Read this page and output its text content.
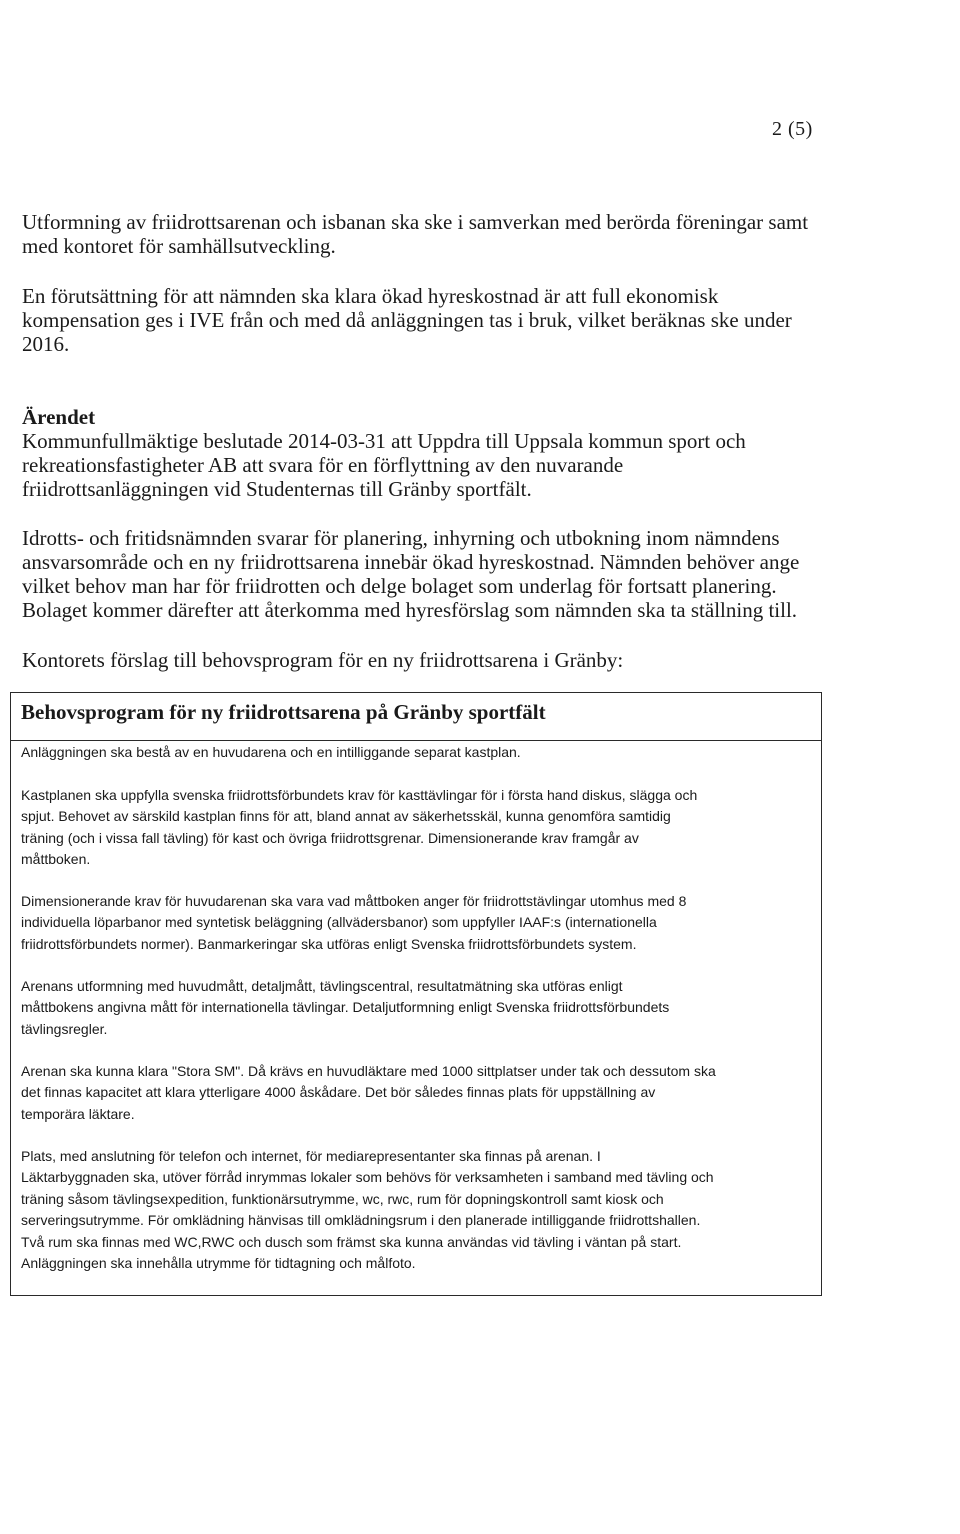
2 (5)

Utformning av friidrottsarenan och isbanan ska ske i samverkan med berörda föreningar samt
med kontoret för samhällsutveckling.

En förutsättning för att nämnden ska klara ökad hyreskostnad är att full ekonomisk
kompensation ges i IVE från och med då anläggningen tas i bruk, vilket beräknas ske under
2016.

Ärendet

Kommunfullmäktige beslutade 2014-03-31 att Uppdra till Uppsala kommun sport och
rekreationsfastigheter AB att svara för en förflyttning av den nuvarande
friidrottsanläggningen vid Studenternas till Gränby sportfält.

Idrotts- och fritidsnämnden svarar för planering, inhyrning och utbokning inom nämndens
ansvarsområde och en ny friidrottsarena innebär ökad hyreskostnad. Nämnden behöver ange
vilket behov man har för friidrotten och delge bolaget som underlag för fortsatt planering.
Bolaget kommer därefter att återkomma med hyresförslag som nämnden ska ta ställning till.

Kontorets förslag till behovsprogram för en ny friidrottsarena i Gränby:

Behovsprogram för ny friidrottsarena på Gränby sportfält

Anläggningen ska bestå av en huvudarena och en intilliggande separat kastplan.

Kastplanen ska uppfylla svenska friidrottsförbundets krav för kasttävlingar för i första hand diskus, slägga och
spjut. Behovet av särskild kastplan finns för att, bland annat av säkerhetsskäl, kunna genomföra samtidig
träning (och i vissa fall tävling) för kast och övriga friidrottsgrenar. Dimensionerande krav framgår av
måttboken.

Dimensionerande krav för huvudarenan ska vara vad måttboken anger för friidrottstävlingar utomhus med 8
individuella löparbanor med syntetisk beläggning (allvädersbanor) som uppfyller IAAF:s (internationella
friidrottsförbundets normer). Banmarkeringar ska utföras enligt Svenska friidrottsförbundets system.

Arenans utformning med huvudmått, detaljmått, tävlingscentral, resultatmätning ska utföras enligt
måttbokens angivna mått för internationella tävlingar. Detaljutformning enligt Svenska friidrottsförbundets
tävlingsregler.

Arenan ska kunna klara "Stora SM". Då krävs en huvudläktare med 1000 sittplatser under tak och dessutom ska
det finnas kapacitet att klara ytterligare 4000 åskådare. Det bör således finnas plats för uppställning av
temporära läktare.

Plats, med anslutning för telefon och internet, för mediarepresentanter ska finnas på arenan. I
Läktarbyggnaden ska, utöver förråd inrymmas lokaler som behövs för verksamheten i samband med tävling och
träning såsom tävlingsexpedition, funktionärsutrymme, wc, rwc, rum för dopningskontroll samt kiosk och
serveringsutrymme. För omklädning hänvisas till omklädningsrum i den planerade intilliggande friidrottshallen.
Två rum ska finnas med WC,RWC och dusch som främst ska kunna användas vid tävling i väntan på start.
Anläggningen ska innehålla utrymme för tidtagning och målfoto.
